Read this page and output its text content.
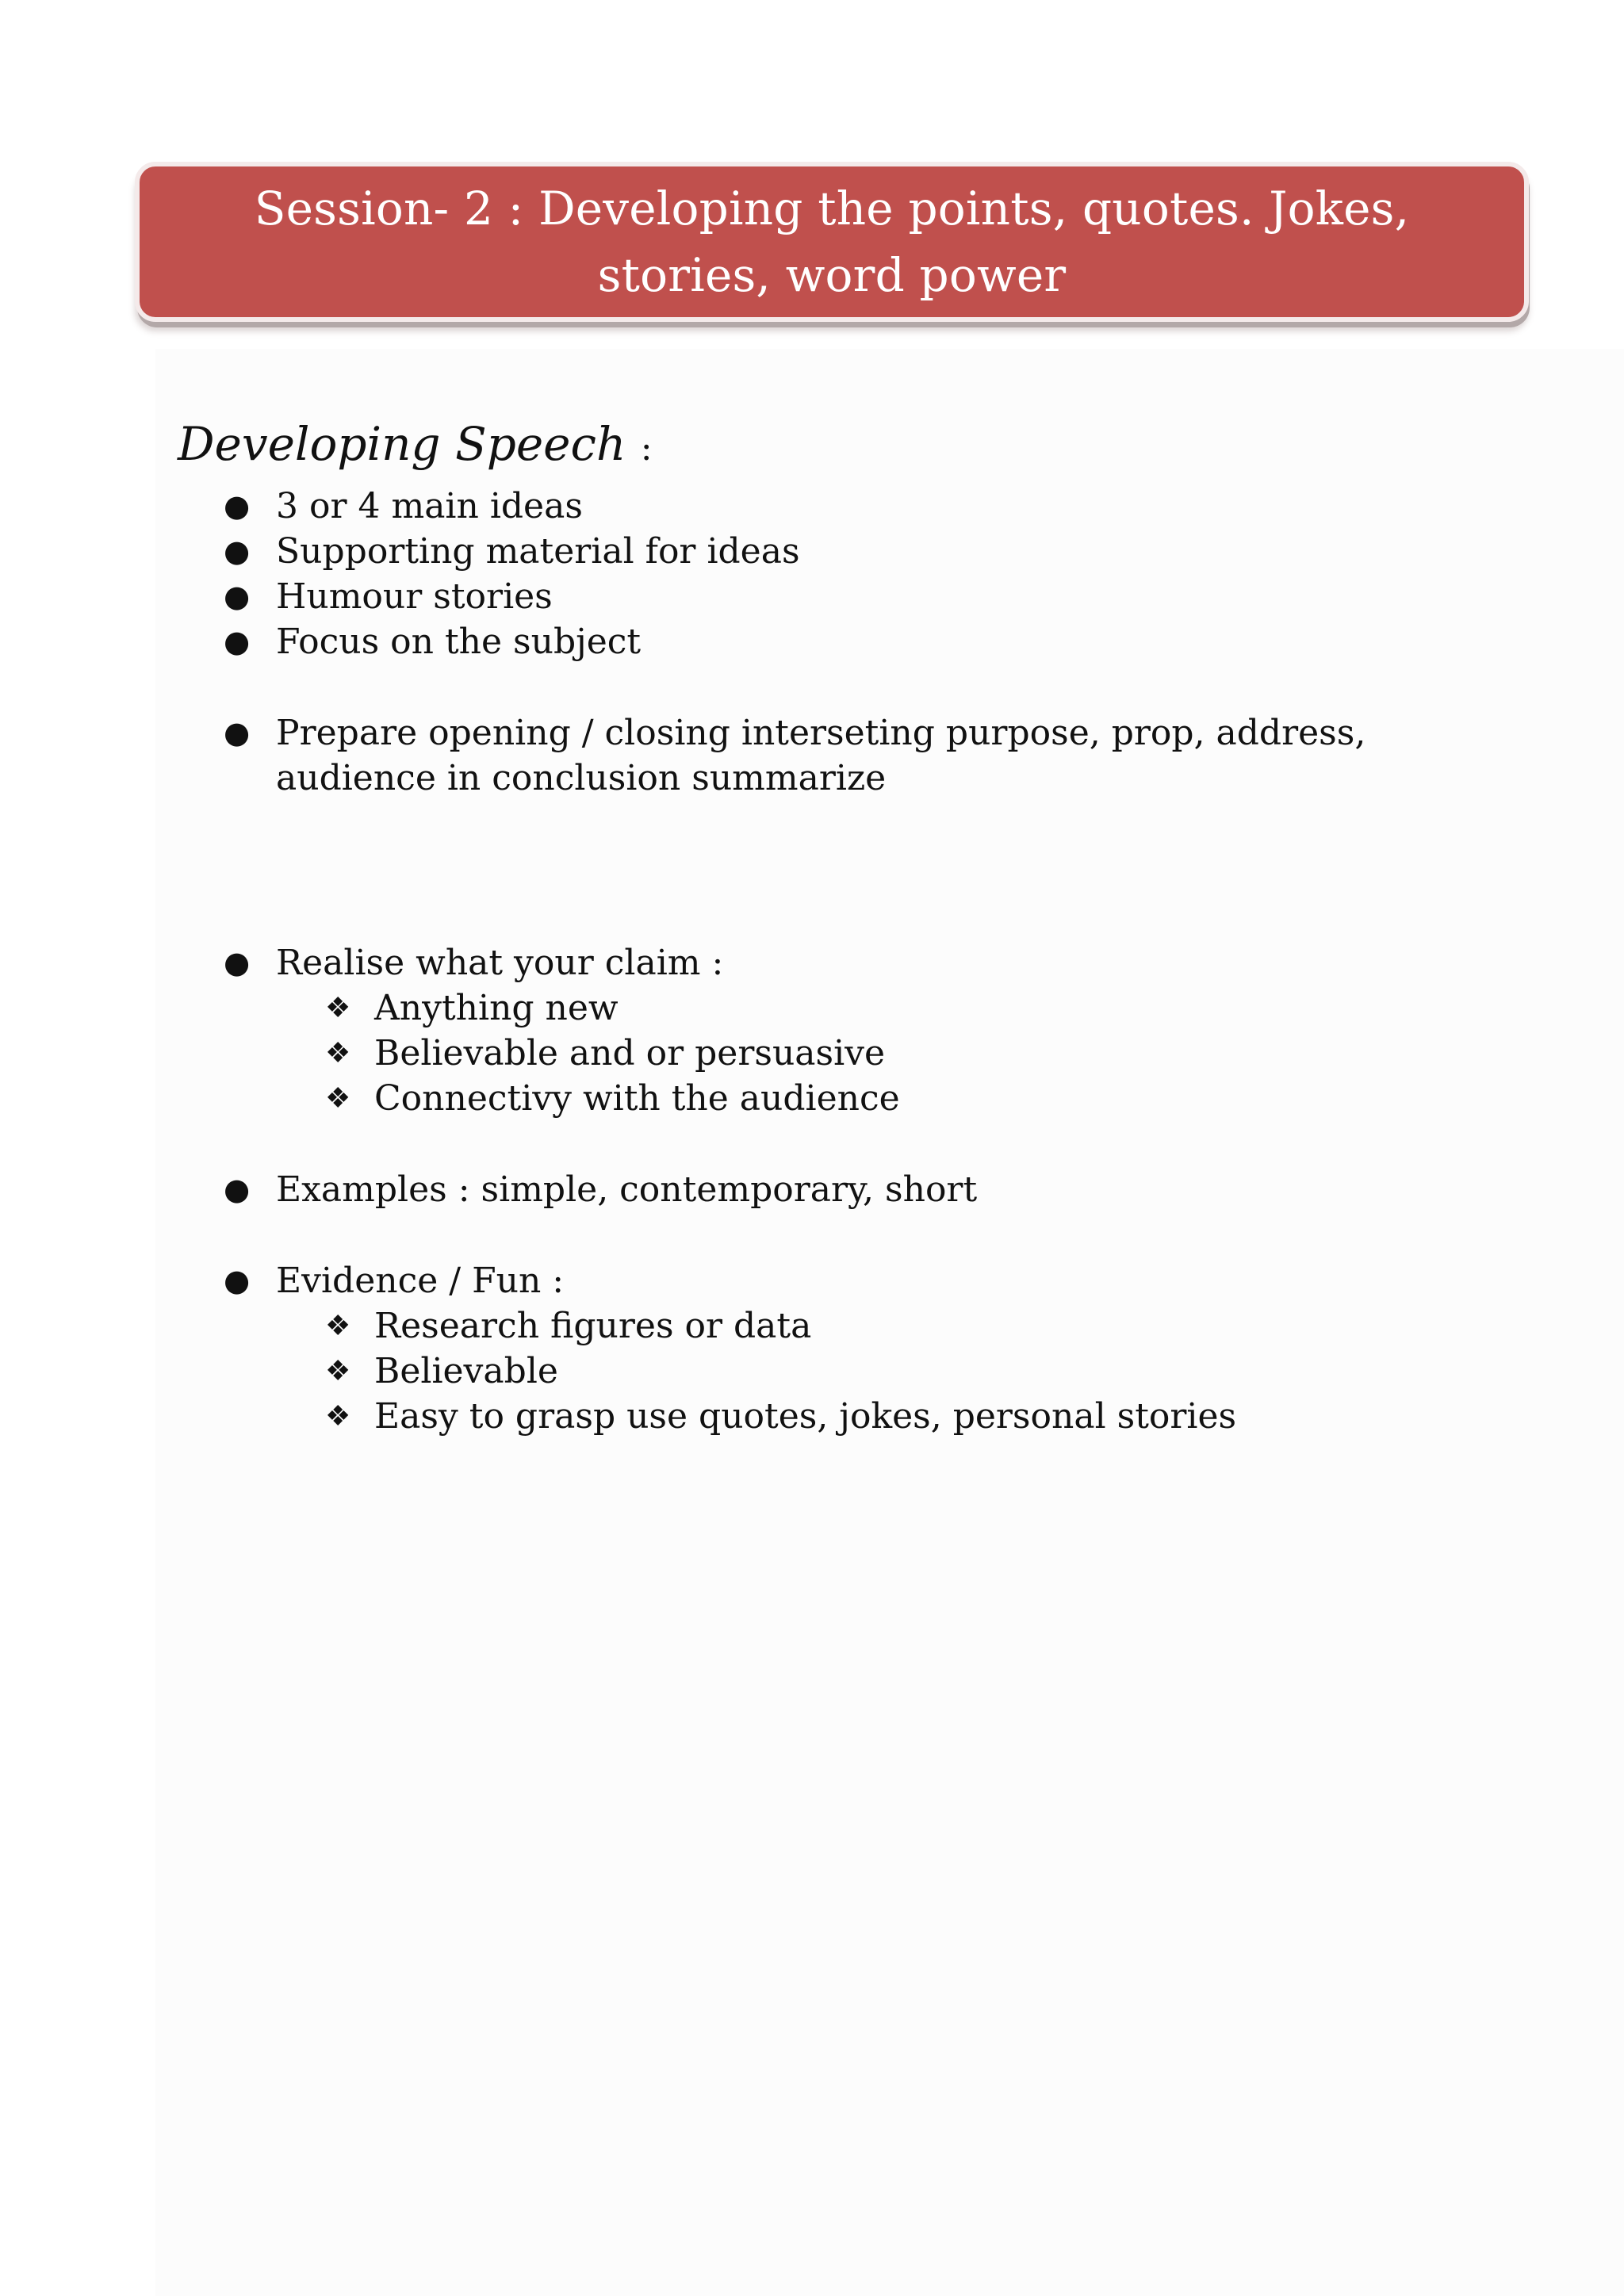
Session- 2 : Developing the points, quotes. Jokes, stories, word power
Developing Speech :
● 3 or 4 main ideas
● Supporting material for ideas
● Humour stories
● Focus on the subject
● Prepare opening / closing interseting purpose, prop, address, audience in conclusion summarize
● Realise what your claim :
❖ Anything new
❖ Believable and or persuasive
❖ Connectivy with the audience
● Examples : simple, contemporary, short
● Evidence / Fun :
❖ Research figures or data
❖ Believable
❖ Easy to grasp use quotes, jokes, personal stories
